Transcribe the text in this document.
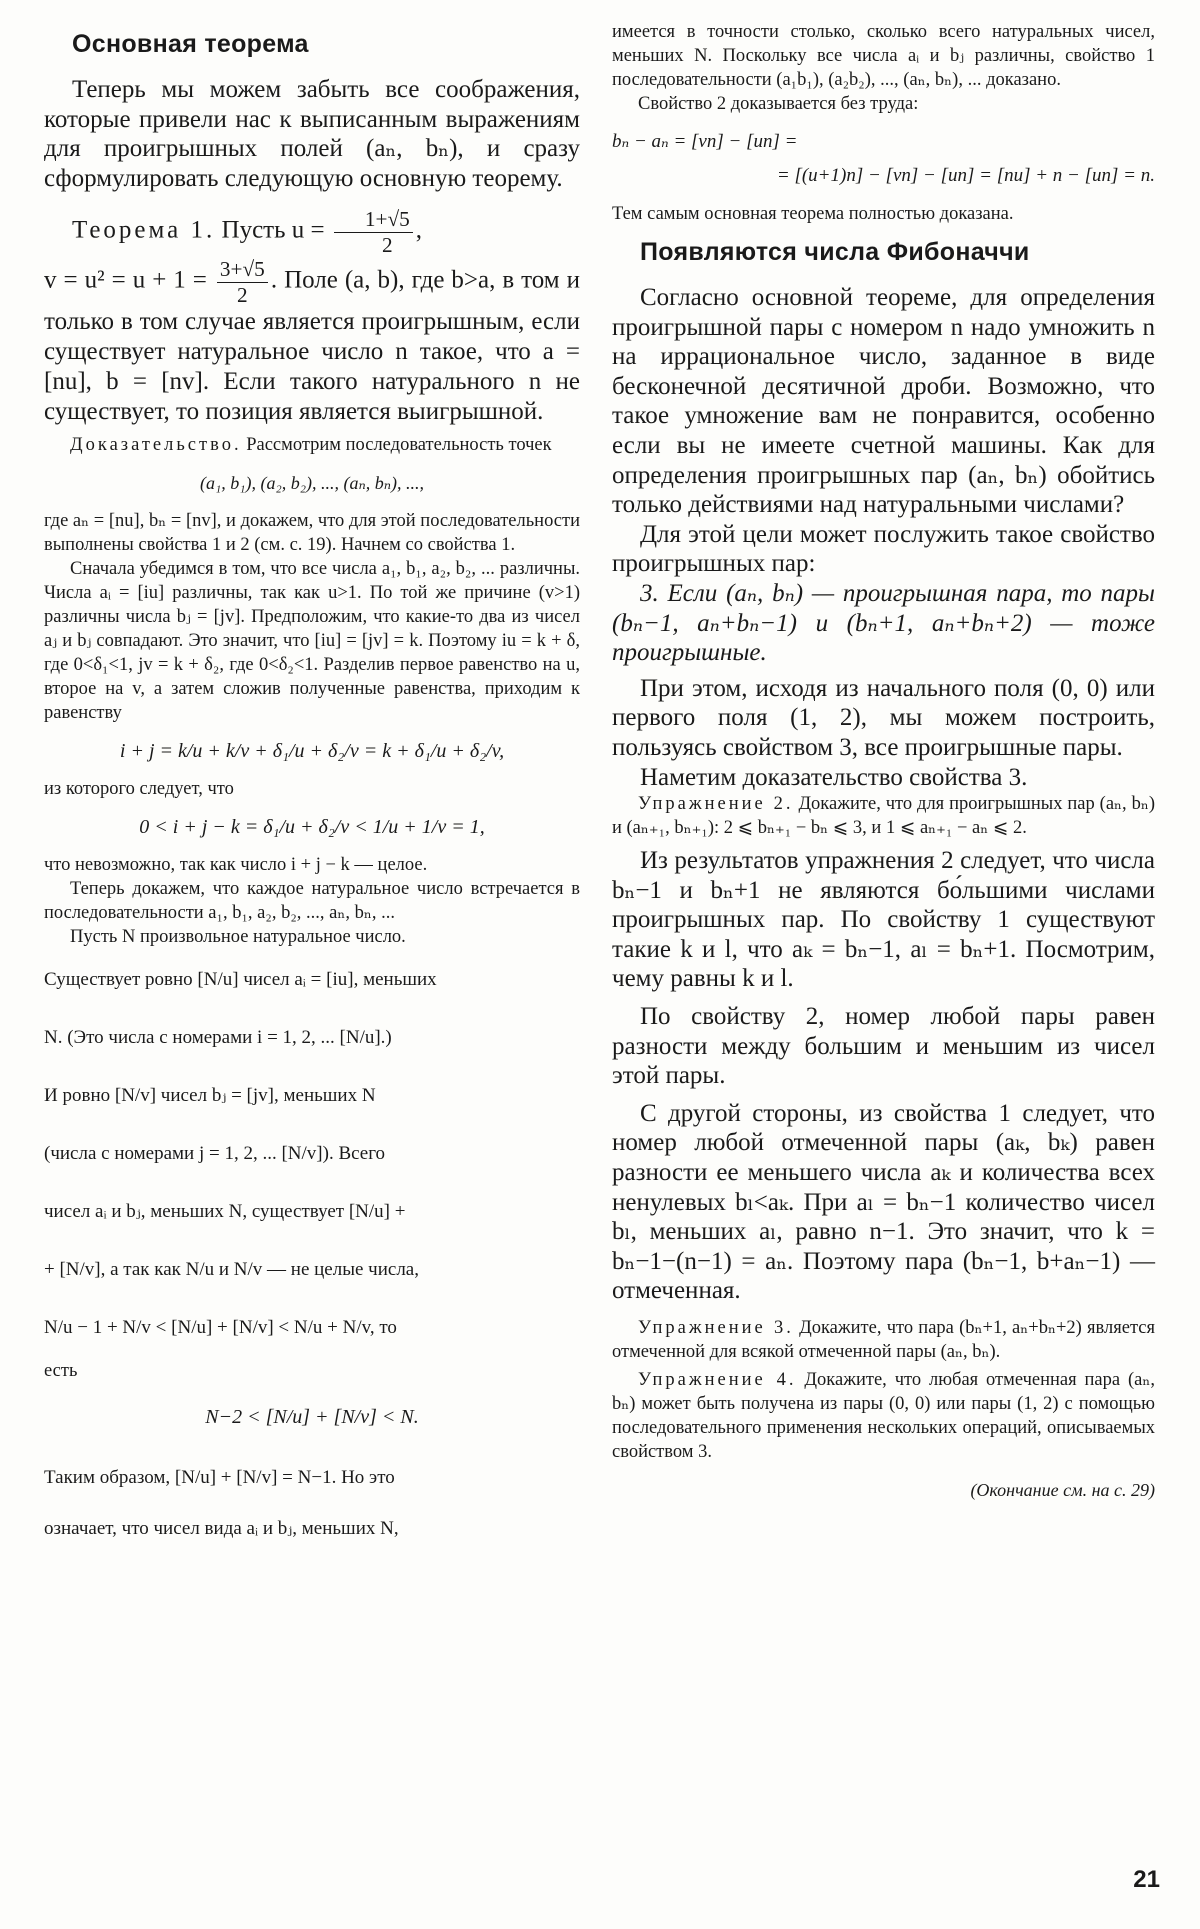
Основная теорема

Теперь мы можем забыть все соображения, которые привели нас к выписанным выражениям для проигрышных полей (aₙ, bₙ), и сразу сформулировать следующую основную теорему.

Теорема 1. Пусть $u = \frac{1+√5}{2}$ ,

$v = u^2 = u + 1 = \frac{3+√5}{2}$ . Поле (a, b), где b>a, в том и только в том случае является проигрышным, если существует натуральное число n такое, что a = [nu], b = [nv]. Если такого натурального n не существует, то позиция является выигрышной.

Доказательство. Рассмотрим последовательность точек

(a₁, b₁), (a₂, b₂), ..., (aₙ, bₙ), ...,

где aₙ = [nu], bₙ = [nv], и докажем, что для этой последовательности выполнены свойства 1 и 2 (см. с. 19). Начнем со свойства 1.

Сначала убедимся в том, что все числа a₁, b₁, a₂, b₂, ... различны. Числа aᵢ = [iu] различны, так как u>1. По той же причине (v>1) различны числа bⱼ = [jv]. Предположим, что какие-то два из чисел aⱼ и bⱼ совпадают. Это значит, что [iu] = [jv] = k. Поэтому iu = k + δ, где 0<δ₁<1, jv = k + δ₂, где 0<δ₂<1. Разделив первое равенство на u, второе на v, а затем сложив полученные равенства, приходим к равенству

i + j = k/u + k/v + δ₁/u + δ₂/v = k + δ₁/u + δ₂/v,

из которого следует, что

0 < i + j − k = δ₁/u + δ₂/v < 1/u + 1/v = 1,

что невозможно, так как число i + j − k — целое.

Теперь докажем, что каждое натуральное число встречается в последовательности a₁, b₁, a₂, b₂, ..., aₙ, bₙ, ...

Пусть N произвольное натуральное число.

Существует ровно [N/u] чисел aᵢ = [iu], меньших

N. (Это числа с номерами i = 1, 2, ... [N/u].)

И ровно [N/v] чисел bⱼ = [jv], меньших N

(числа с номерами j = 1, 2, ... [N/v]). Всего

чисел aᵢ и bⱼ, меньших N, существует [N/u] +

+ [N/v], а так как N/u и N/v — не целые числа,

N/u − 1 + N/v < [N/u] + [N/v] < N/u + N/v, то

есть

N−2 < [N/u] + [N/v] < N.

Таким образом, [N/u] + [N/v] = N−1. Но это

означает, что чисел вида aᵢ и bⱼ, меньших N,

имеется в точности столько, сколько всего натуральных чисел, меньших N. Поскольку все числа aᵢ и bⱼ различны, свойство 1 последовательности (a₁b₁), (a₂b₂), ..., (aₙ, bₙ), ... доказано.

Свойство 2 доказывается без труда:

bₙ − aₙ = [vn] − [un] =

= [(u+1)n] − [vn] − [un] = [nu] + n − [un] = n.

Тем самым основная теорема полностью доказана.

Появляются числа Фибоначчи

Согласно основной теореме, для определения проигрышной пары с номером n надо умножить n на иррациональное число, заданное в виде бесконечной десятичной дроби. Возможно, что такое умножение вам не понравится, особенно если вы не имеете счетной машины. Как для определения проигрышных пар (aₙ, bₙ) обойтись только действиями над натуральными числами?

Для этой цели может послужить такое свойство проигрышных пар:

3. Если (aₙ, bₙ) — проигрышная пара, то пары (bₙ−1, aₙ+bₙ−1) и (bₙ+1, aₙ+bₙ+2) — тоже проигрышные.

При этом, исходя из начального поля (0, 0) или первого поля (1, 2), мы можем построить, пользуясь свойством 3, все проигрышные пары.

Наметим доказательство свойства 3.

Упражнение 2. Докажите, что для проигрышных пар (aₙ, bₙ) и (aₙ₊₁, bₙ₊₁): 2 ⩽ bₙ₊₁ − bₙ ⩽ 3, и 1 ⩽ aₙ₊₁ − aₙ ⩽ 2.

Из результатов упражнения 2 следует, что числа bₙ−1 и bₙ+1 не являются бо́льшими числами проигрышных пар. По свойству 1 существуют такие k и l, что aₖ = bₙ−1, aₗ = bₙ+1. Посмотрим, чему равны k и l.

По свойству 2, номер любой пары равен разности между большим и меньшим из чисел этой пары.

С другой стороны, из свойства 1 следует, что номер любой отмеченной пары (aₖ, bₖ) равен разности ее меньшего числа aₖ и количества всех ненулевых bₗ<aₖ. При aₗ = bₙ−1 количество чисел bₗ, меньших aₗ, равно n−1. Это значит, что k = bₙ−1−(n−1) = aₙ. Поэтому пара (bₙ−1, b+aₙ−1) — отмеченная.

Упражнение 3. Докажите, что пара (bₙ+1, aₙ+bₙ+2) является отмеченной для всякой отмеченной пары (aₙ, bₙ).

Упражнение 4. Докажите, что любая отмеченная пара (aₙ, bₙ) может быть получена из пары (0, 0) или пары (1, 2) с помощью последовательного применения нескольких операций, описываемых свойством 3.

(Окончание см. на с. 29)

21
